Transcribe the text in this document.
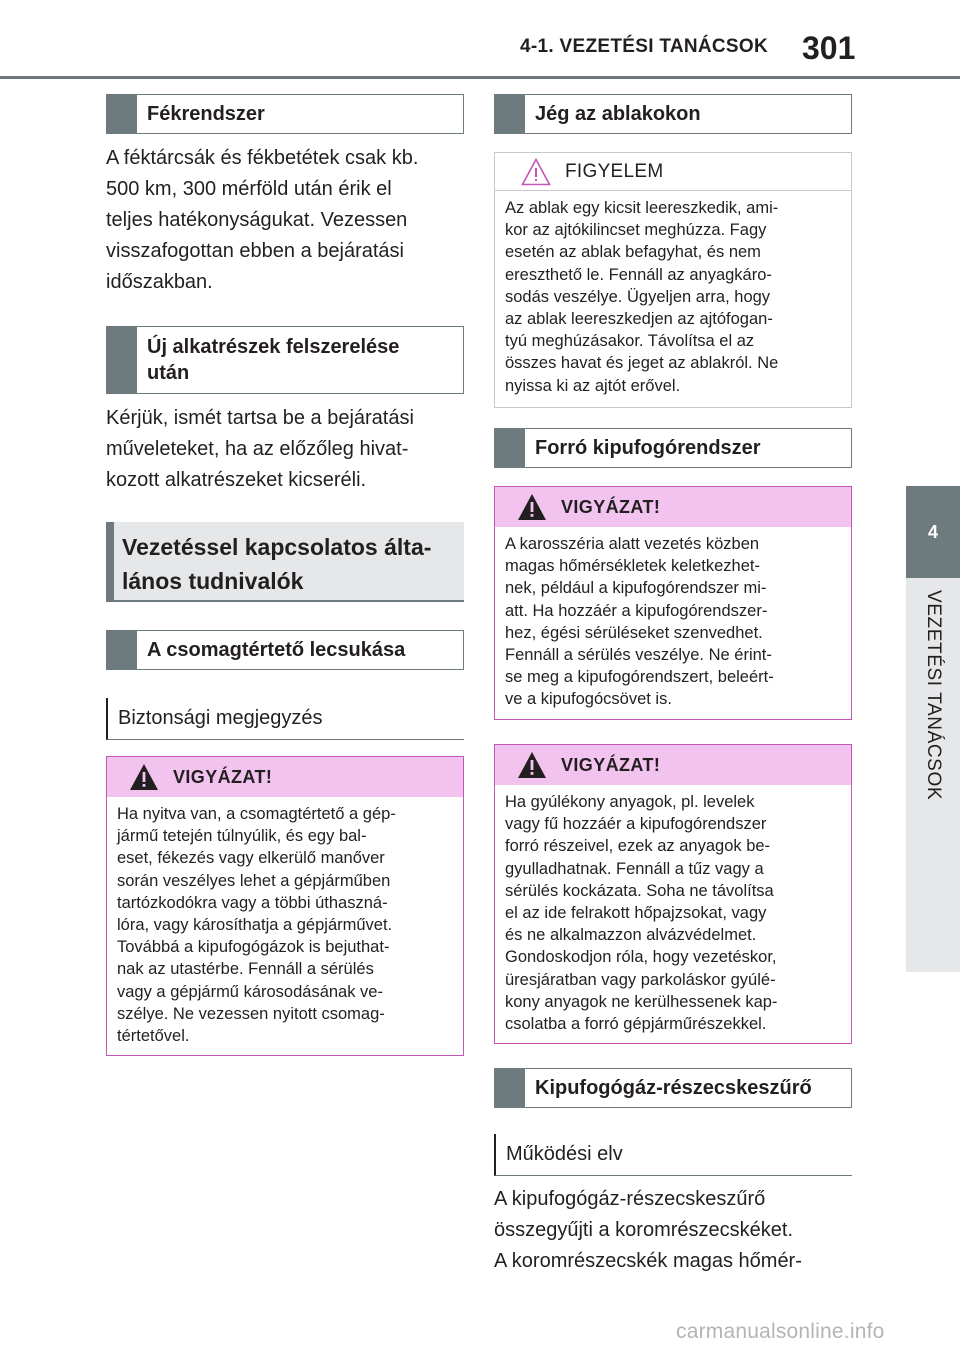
4-1. VEZETÉSI TANÁCSOK 301
4
VEZETÉSI TANÁCSOK
Fékrendszer

A féktárcsák és fékbetétek csak kb.

500 km, 300 mérföld után érik el

teljes hatékonyságukat. Vezessen

visszafogottan ebben a bejáratási

időszakban.

Új alkatrészek felszerelése után

Kérjük, ismét tartsa be a bejáratási

műveleteket, ha az előzőleg hivat-

kozott alkatrészeket kicseréli.

Vezetéssel kapcsolatos álta-
lános tudnivalók
A csomagtértető lecsukása
Biztonsági megjegyzés
VIGYÁZAT!
Ha nyitva van, a csomagtértető a gép-
jármű tetején túlnyúlik, és egy bal-
eset, fékezés vagy elkerülő manőver
során veszélyes lehet a gépjárműben
tartózkodókra vagy a többi úthaszná-
lóra, vagy károsíthatja a gépjárművet.
Továbbá a kipufogógázok is bejuthat-
nak az utastérbe. Fennáll a sérülés
vagy a gépjármű károsodásának ve-
szélye. Ne vezessen nyitott csomag-
tértetővel.
Jég az ablakokon
FIGYELEM
Az ablak egy kicsit leereszkedik, ami-
kor az ajtókilincset meghúzza. Fagy
esetén az ablak befagyhat, és nem
ereszthető le. Fennáll az anyagkáro-
sodás veszélye. Ügyeljen arra, hogy
az ablak leereszkedjen az ajtófogan-
tyú meghúzásakor. Távolítsa el az
összes havat és jeget az ablakról. Ne
nyissa ki az ajtót erővel.
Forró kipufogórendszer
VIGYÁZAT!
A karosszéria alatt vezetés közben
magas hőmérsékletek keletkezhet-
nek, például a kipufogórendszer mi-
att. Ha hozzáér a kipufogórendszer-
hez, égési sérüléseket szenvedhet.
Fennáll a sérülés veszélye. Ne érint-
se meg a kipufogórendszert, beleért-
ve a kipufogócsövet is.
VIGYÁZAT!
Ha gyúlékony anyagok, pl. levelek
vagy fű hozzáér a kipufogórendszer
forró részeivel, ezek az anyagok be-
gyulladhatnak. Fennáll a tűz vagy a
sérülés kockázata. Soha ne távolítsa
el az ide felrakott hőpajzsokat, vagy
és ne alkalmazzon alvázvédelmet.
Gondoskodjon róla, hogy vezetéskor,
üresjáratban vagy parkoláskor gyúlé-
kony anyagok ne kerülhessenek kap-
csolatba a forró gépjárműrészekkel.
Kipufogógáz-részecskeszűrő
Működési elv

A kipufogógáz-részecskeszűrő

összegyűjti a koromrészecskéket.

A koromrészecskék magas hőmér-

carmanualsonline.info
